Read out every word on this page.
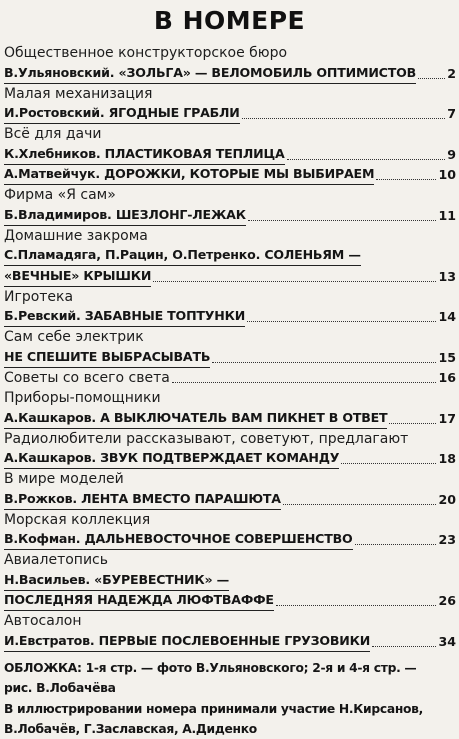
В НОМЕРЕ
Общественное конструкторское бюро
В.Ульяновский. «ЗОЛЬГА» — ВЕЛОМОБИЛЬ ОПТИМИСТОВ 2
Малая механизация
И.Ростовский. ЯГОДНЫЕ ГРАБЛИ	7
Всё для дачи
К.Хлебников. ПЛАСТИКОВАЯ ТЕПЛИЦА	9
А.Матвейчук. ДОРОЖКИ, КОТОРЫЕ МЫ ВЫБИРАЕМ	10
Фирма «Я сам»
Б.Владимиров. ШЕЗЛОНГ-ЛЕЖАК	11
Домашние закрома
С.Пламадяга, П.Рацин, О.Петренко. СОЛЕНЬЯМ —
«ВЕЧНЫЕ» КРЫШКИ	13
Игротека
Б.Ревский. ЗАБАВНЫЕ ТОПТУНКИ	14
Сам себе электрик
НЕ СПЕШИТЕ ВЫБРАСЫВАТЬ	15
Советы со всего света	16
Приборы-помощники
А.Кашкаров. А ВЫКЛЮЧАТЕЛЬ ВАМ ПИКНЕТ В ОТВЕТ	17
Радиолюбители рассказывают, советуют, предлагают
А.Кашкаров. ЗВУК ПОДТВЕРЖДАЕТ КОМАНДУ	18
В мире моделей
В.Рожков. ЛЕНТА ВМЕСТО ПАРАШЮТА	20
Морская коллекция
В.Кофман. ДАЛЬНЕВОСТОЧНОЕ СОВЕРШЕНСТВО	23
Авиалетопись
Н.Васильев. «БУРЕВЕСТНИК» —
ПОСЛЕДНЯЯ НАДЕЖДА ЛЮФТВАФФЕ	26
Автосалон
И.Евстратов. ПЕРВЫЕ ПОСЛЕВОЕННЫЕ ГРУЗОВИКИ	34
ОБЛОЖКА: 1-я стр. — фото В.Ульяновского; 2-я и 4-я стр. —
рис. В.Лобачёва
В иллюстрировании номера принимали участие Н.Кирсанов,
В.Лобачёв, Г.Заславская, А.Диденко
